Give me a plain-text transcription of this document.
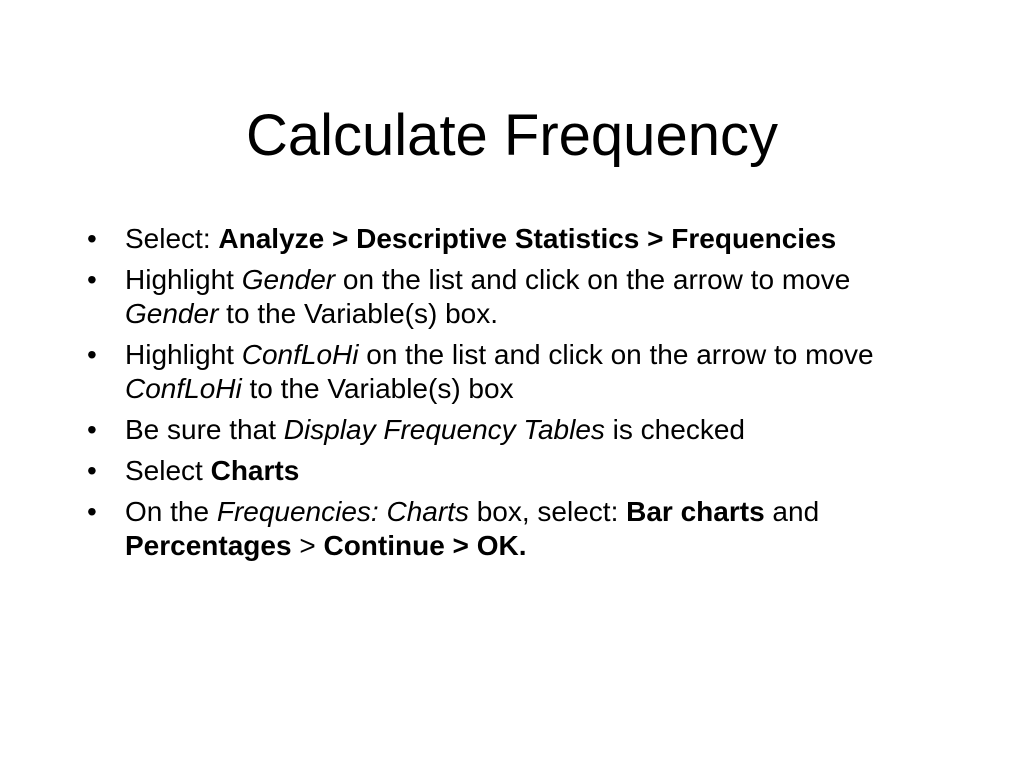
Calculate Frequency
•	Select: Analyze > Descriptive Statistics > Frequencies
•	Highlight Gender on the list and click on the arrow to move Gender to the Variable(s) box.
•	Highlight ConfLoHi on the list and click on the arrow to move ConfLoHi to the Variable(s) box
•	Be sure that Display Frequency Tables is checked
•	Select Charts
•	On the Frequencies: Charts box, select: Bar charts and Percentages > Continue > OK.
